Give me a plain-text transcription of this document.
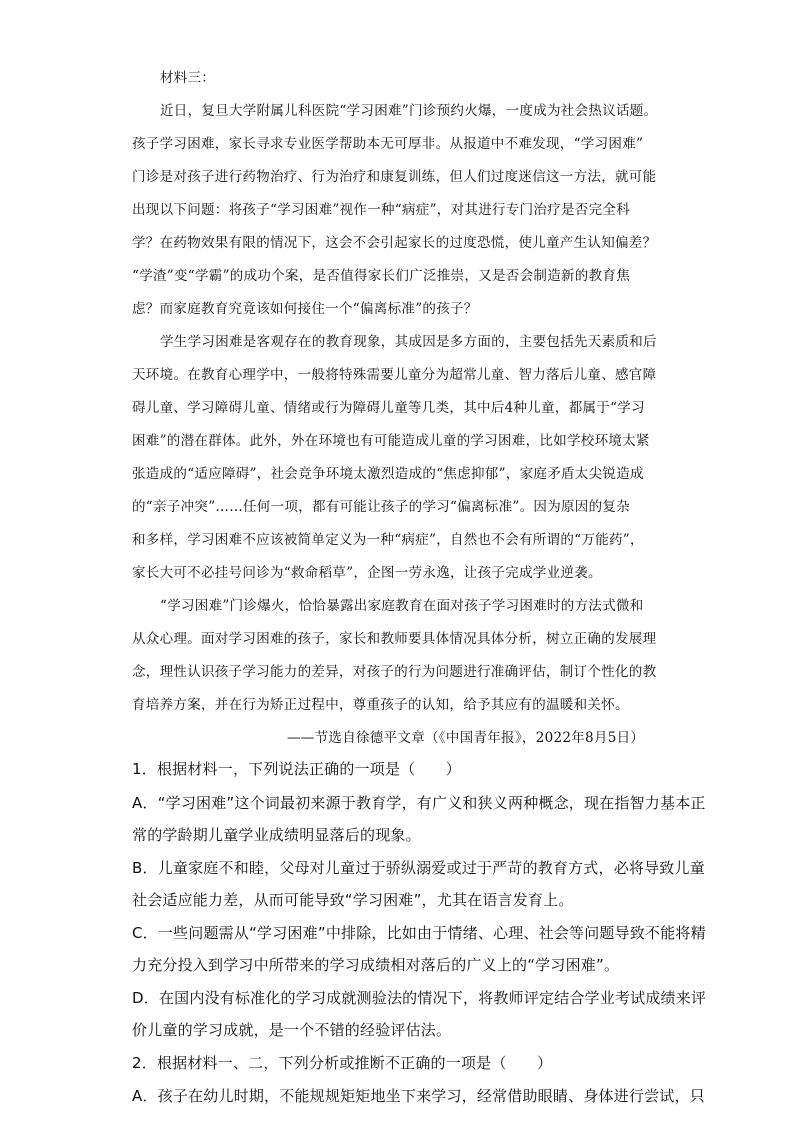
材料三：
近日，复旦大学附属儿科医院“学习困难”门诊预约火爆，一度成为社会热议话题。
孩子学习困难，家长寻求专业医学帮助本无可厚非。从报道中不难发现，“学习困难”
门诊是对孩子进行药物治疗、行为治疗和康复训练，但人们过度迷信这一方法，就可能
出现以下问题：将孩子“学习困难”视作一种“病症”，对其进行专门治疗是否完全科
学？在药物效果有限的情况下，这会不会引起家长的过度恐慌，使儿童产生认知偏差？
“学渣”变“学霸”的成功个案，是否值得家长们广泛推崇，又是否会制造新的教育焦
虑？而家庭教育究竟该如何接住一个“偏离标准”的孩子？
学生学习困难是客观存在的教育现象，其成因是多方面的，主要包括先天素质和后
天环境。在教育心理学中，一般将特殊需要儿童分为超常儿童、智力落后儿童、感官障
碍儿童、学习障碍儿童、情绪或行为障碍儿童等几类，其中后4种儿童，都属于“学习
困难”的潜在群体。此外，外在环境也有可能造成儿童的学习困难，比如学校环境太紧
张造成的“适应障碍”，社会竞争环境太激烈造成的“焦虑抑郁”，家庭矛盾太尖锐造成
的“亲子冲突”……任何一项，都有可能让孩子的学习“偏离标准”。因为原因的复杂
和多样，学习困难不应该被简单定义为一种“病症”，自然也不会有所谓的“万能药”，
家长大可不必挂号问诊为“救命稻草”，企图一劳永逸，让孩子完成学业逆袭。
“学习困难”门诊爆火，恰恰暴露出家庭教育在面对孩子学习困难时的方法式微和
从众心理。面对学习困难的孩子，家长和教师要具体情况具体分析，树立正确的发展理
念，理性认识孩子学习能力的差异，对孩子的行为问题进行准确评估，制订个性化的教
育培养方案，并在行为矫正过程中，尊重孩子的认知，给予其应有的温暖和关怀。
——节选自徐德平文章（《中国青年报》，2022年8月5日）
1．根据材料一，下列说法正确的一项是（　　）
A．“学习困难”这个词最初来源于教育学，有广义和狭义两种概念，现在指智力基本正
常的学龄期儿童学业成绩明显落后的现象。
B．儿童家庭不和睦，父母对儿童过于骄纵溺爱或过于严苛的教育方式，必将导致儿童
社会适应能力差，从而可能导致“学习困难”，尤其在语言发育上。
C．一些问题需从“学习困难”中排除，比如由于情绪、心理、社会等问题导致不能将精
力充分投入到学习中所带来的学习成绩相对落后的广义上的“学习困难”。
D．在国内没有标准化的学习成就测验法的情况下，将教师评定结合学业考试成绩来评
价儿童的学习成就，是一个不错的经验评估法。
2．根据材料一、二，下列分析或推断不正确的一项是（　　）
A．孩子在幼儿时期，不能规规矩矩地坐下来学习，经常借助眼睛、身体进行尝试，只
